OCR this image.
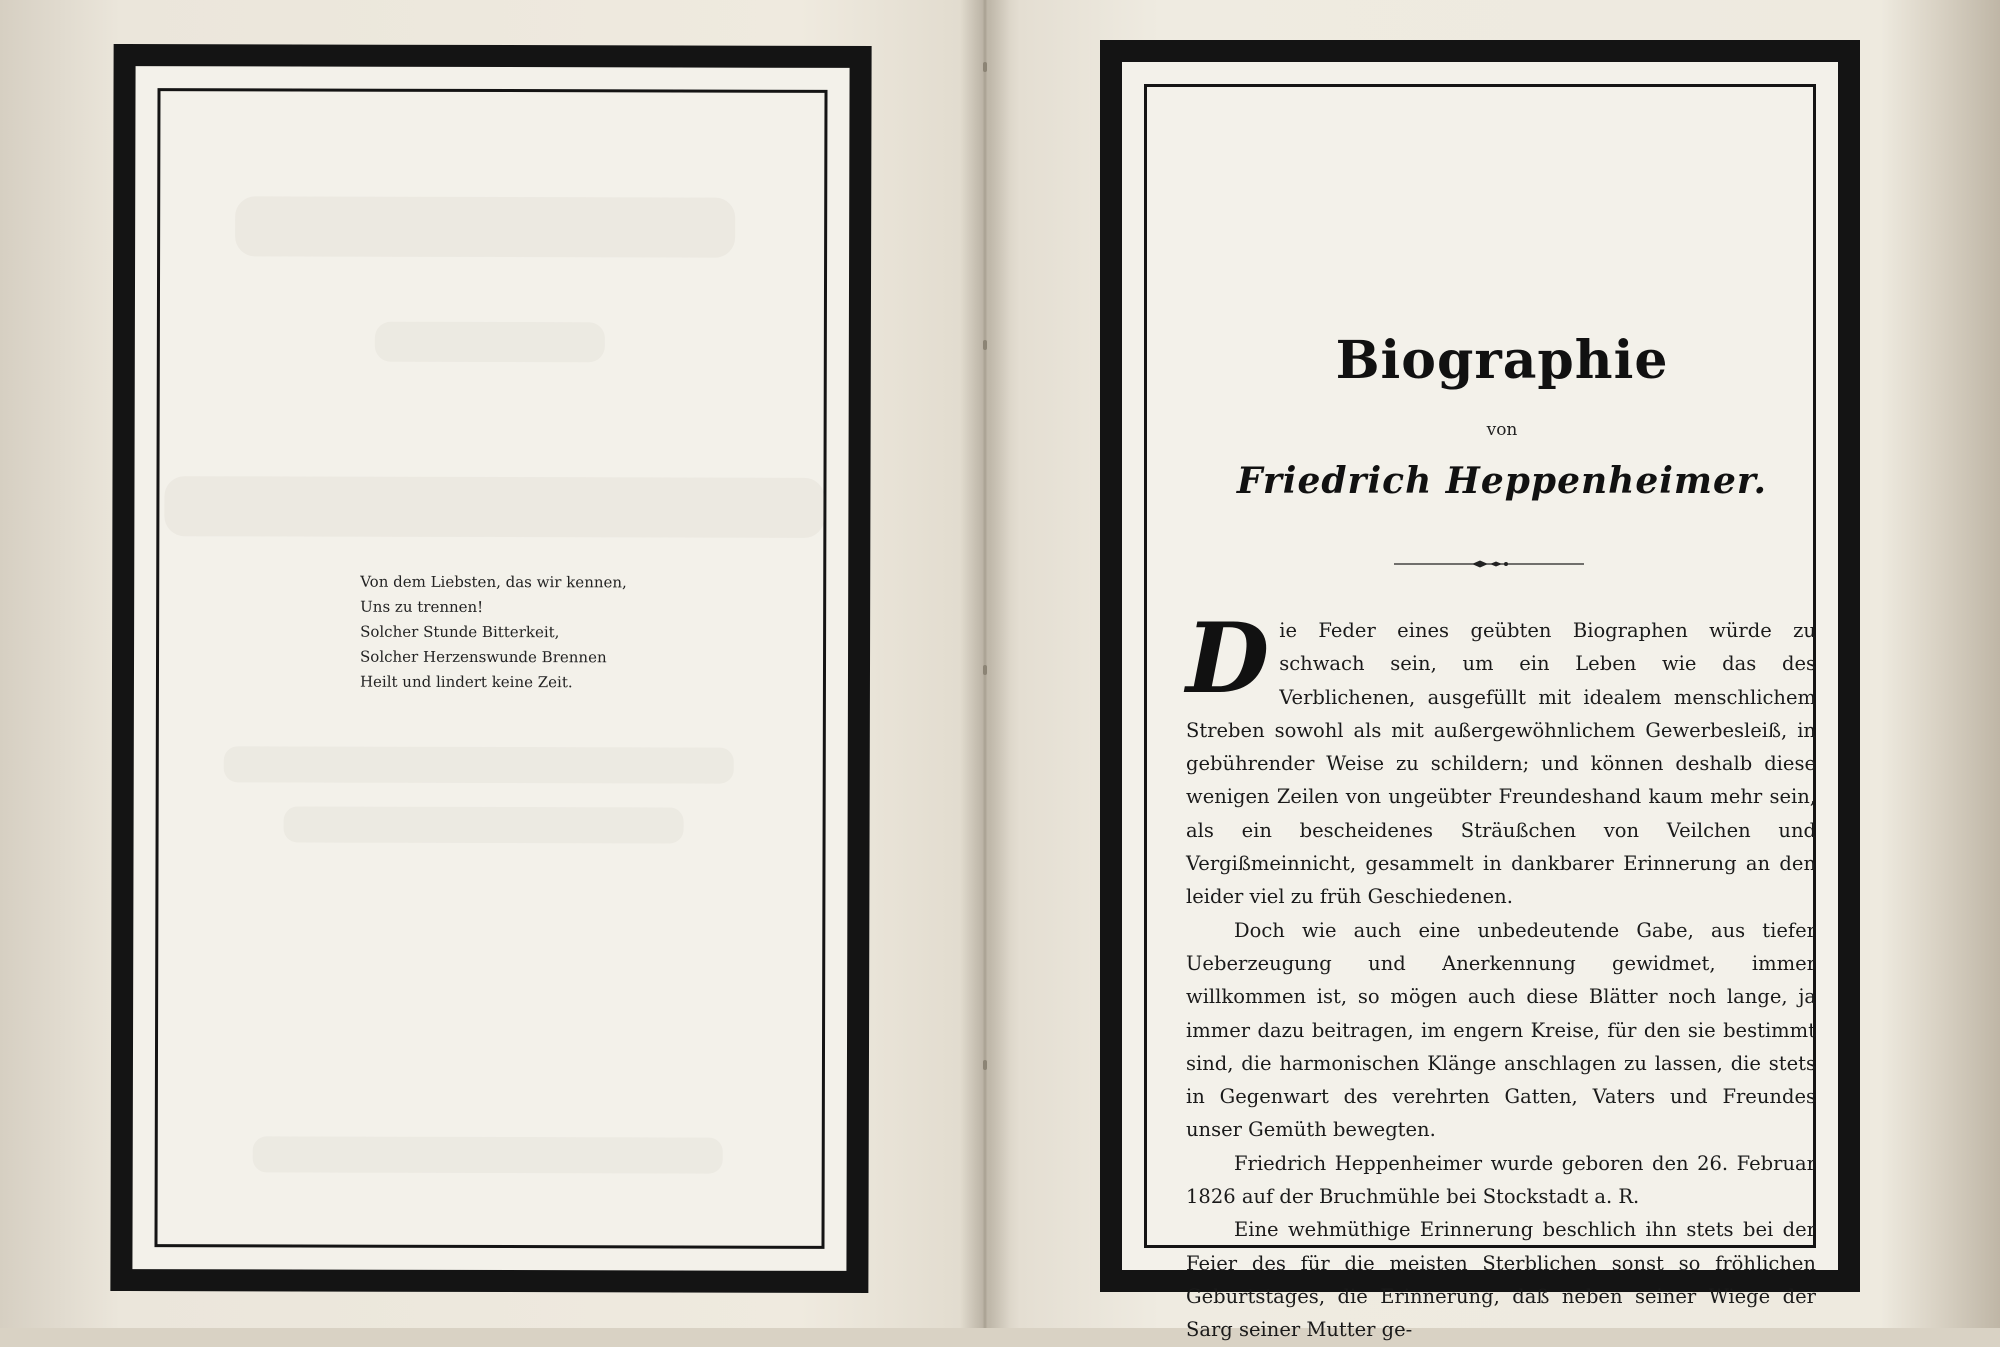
Von dem Liebsten, das wir kennen,
Uns zu trennen!
Solcher Stunde Bitterkeit,
Solcher Herzenswunde Brennen
Heilt und lindert keine Zeit.
Biographie
von
Friedrich Heppenheimer.

Die Feder eines geübten Biographen würde zu schwach sein, um ein Leben wie das des Verblichenen, ausgefüllt mit idealem menschlichem Streben sowohl als mit außergewöhnlichem Gewerbesleiß, in gebührender Weise zu schildern; und können deshalb diese wenigen Zeilen von ungeübter Freundeshand kaum mehr sein, als ein bescheidenes Sträußchen von Veilchen und Vergißmeinnicht, gesammelt in dankbarer Erinnerung an den leider viel zu früh Geschiedenen.

Doch wie auch eine unbedeutende Gabe, aus tiefer Ueberzeugung und Anerkennung gewidmet, immer willkommen ist, so mögen auch diese Blätter noch lange, ja immer dazu beitragen, im engern Kreise, für den sie bestimmt sind, die harmonischen Klänge anschlagen zu lassen, die stets in Gegenwart des verehrten Gatten, Vaters und Freundes unser Gemüth bewegten.

Friedrich Heppenheimer wurde geboren den 26. Februar 1826 auf der Bruchmühle bei Stockstadt a. R.

Eine wehmüthige Erinnerung beschlich ihn stets bei der Feier des für die meisten Sterblichen sonst so fröhlichen Geburtstages, die Erinnerung, daß neben seiner Wiege der Sarg seiner Mutter ge-
